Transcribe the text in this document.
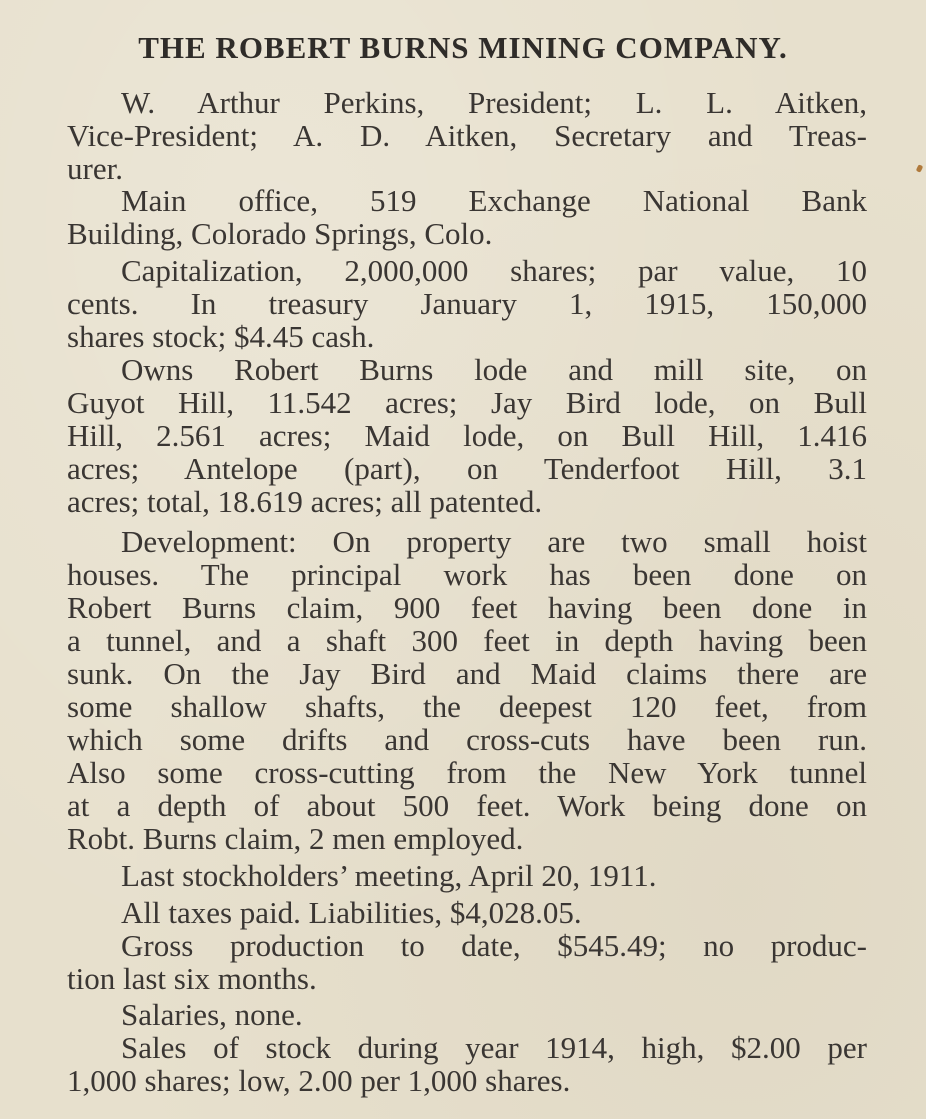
THE ROBERT BURNS MINING COMPANY.
W. Arthur Perkins, President; L. L. Aitken,
Vice-President; A. D. Aitken, Secretary and Treas-
urer.
Main office, 519 Exchange National Bank
Building, Colorado Springs, Colo.
Capitalization, 2,000,000 shares; par value, 10
cents. In treasury January 1, 1915, 150,000
shares stock; $4.45 cash.
Owns Robert Burns lode and mill site, on
Guyot Hill, 11.542 acres; Jay Bird lode, on Bull
Hill, 2.561 acres; Maid lode, on Bull Hill, 1.416
acres; Antelope (part), on Tenderfoot Hill, 3.1
acres; total, 18.619 acres; all patented.
Development: On property are two small hoist
houses. The principal work has been done on
Robert Burns claim, 900 feet having been done in
a tunnel, and a shaft 300 feet in depth having been
sunk. On the Jay Bird and Maid claims there are
some shallow shafts, the deepest 120 feet, from
which some drifts and cross-cuts have been run.
Also some cross-cutting from the New York tunnel
at a depth of about 500 feet. Work being done on
Robt. Burns claim, 2 men employed.
Last stockholders’ meeting, April 20, 1911.
All taxes paid. Liabilities, $4,028.05.
Gross production to date, $545.49; no produc-
tion last six months.
Salaries, none.
Sales of stock during year 1914, high, $2.00 per
1,000 shares; low, 2.00 per 1,000 shares.
